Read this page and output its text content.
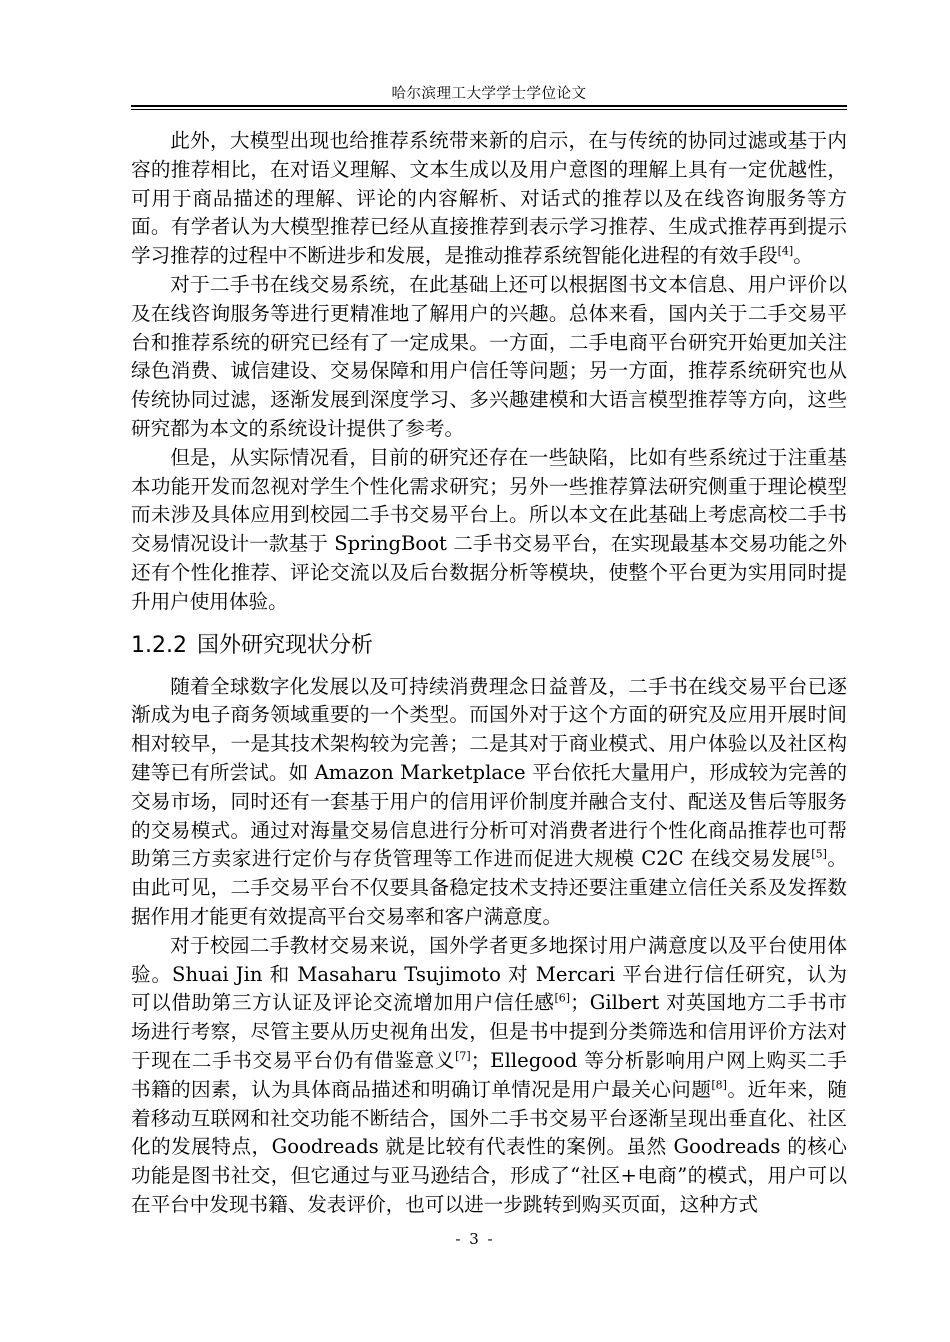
哈尔滨理工大学学士学位论文

此外，大模型出现也给推荐系统带来新的启示，在与传统的协同过滤或基于内容的推荐相比，在对语义理解、文本生成以及用户意图的理解上具有一定优越性，可用于商品描述的理解、评论的内容解析、对话式的推荐以及在线咨询服务等方面。有学者认为大模型推荐已经从直接推荐到表示学习推荐、生成式推荐再到提示学习推荐的过程中不断进步和发展，是推动推荐系统智能化进程的有效手段[4]。

对于二手书在线交易系统，在此基础上还可以根据图书文本信息、用户评价以及在线咨询服务等进行更精准地了解用户的兴趣。总体来看，国内关于二手交易平台和推荐系统的研究已经有了一定成果。一方面，二手电商平台研究开始更加关注绿色消费、诚信建设、交易保障和用户信任等问题；另一方面，推荐系统研究也从传统协同过滤，逐渐发展到深度学习、多兴趣建模和大语言模型推荐等方向，这些研究都为本文的系统设计提供了参考。

但是，从实际情况看，目前的研究还存在一些缺陷，比如有些系统过于注重基本功能开发而忽视对学生个性化需求研究；另外一些推荐算法研究侧重于理论模型而未涉及具体应用到校园二手书交易平台上。所以本文在此基础上考虑高校二手书交易情况设计一款基于 SpringBoot 二手书交易平台，在实现最基本交易功能之外还有个性化推荐、评论交流以及后台数据分析等模块，使整个平台更为实用同时提升用户使用体验。

1.2.2 国外研究现状分析

随着全球数字化发展以及可持续消费理念日益普及，二手书在线交易平台已逐渐成为电子商务领域重要的一个类型。而国外对于这个方面的研究及应用开展时间相对较早，一是其技术架构较为完善；二是其对于商业模式、用户体验以及社区构建等已有所尝试。如 Amazon Marketplace 平台依托大量用户，形成较为完善的交易市场，同时还有一套基于用户的信用评价制度并融合支付、配送及售后等服务的交易模式。通过对海量交易信息进行分析可对消费者进行个性化商品推荐也可帮助第三方卖家进行定价与存货管理等工作进而促进大规模 C2C 在线交易发展[5]。由此可见，二手交易平台不仅要具备稳定技术支持还要注重建立信任关系及发挥数据作用才能更有效提高平台交易率和客户满意度。

对于校园二手教材交易来说，国外学者更多地探讨用户满意度以及平台使用体验。Shuai Jin 和 Masaharu Tsujimoto 对 Mercari 平台进行信任研究，认为可以借助第三方认证及评论交流增加用户信任感[6]；Gilbert 对英国地方二手书市场进行考察，尽管主要从历史视角出发，但是书中提到分类筛选和信用评价方法对于现在二手书交易平台仍有借鉴意义[7]；Ellegood 等分析影响用户网上购买二手书籍的因素，认为具体商品描述和明确订单情况是用户最关心问题[8]。近年来，随着移动互联网和社交功能不断结合，国外二手书交易平台逐渐呈现出垂直化、社区化的发展特点，Goodreads 就是比较有代表性的案例。虽然 Goodreads 的核心功能是图书社交，但它通过与亚马逊结合，形成了“社区+电商”的模式，用户可以在平台中发现书籍、发表评价，也可以进一步跳转到购买页面，这种方式

- 3 -
